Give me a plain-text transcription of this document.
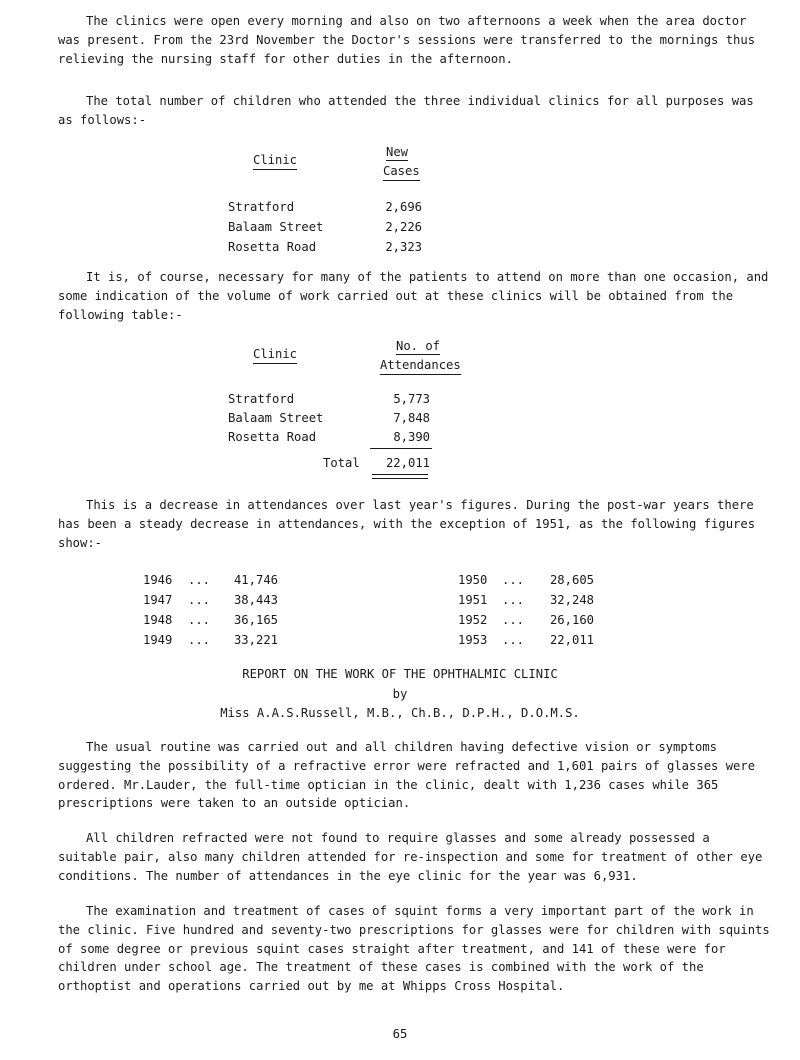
The clinics were open every morning and also on two afternoons a week when the area doctor was present. From the 23rd November the Doctor's sessions were transferred to the mornings thus relieving the nursing staff for other duties in the afternoon.
The total number of children who attended the three individual clinics for all purposes was as follows:-
Clinic
New
Cases
Stratford	2,696
Balaam Street	2,226
Rosetta Road	2,323
It is, of course, necessary for many of the patients to attend on more than one occasion, and some indication of the volume of work carried out at these clinics will be obtained from the following table:-
Clinic
No. of
Attendances
Stratford	5,773
Balaam Street	7,848
Rosetta Road	8,390
Total	22,011
This is a decrease in attendances over last year's figures. During the post-war years there has been a steady decrease in attendances, with the exception of 1951, as the following figures show:-
1946 ...	41,746
1947 ...	38,443
1948 ...	36,165
1949 ...	33,221
1950 ...	28,605
1951 ...	32,248
1952 ...	26,160
1953 ...	22,011
REPORT ON THE WORK OF THE OPHTHALMIC CLINIC
by
Miss A.A.S.Russell, M.B., Ch.B., D.P.H., D.O.M.S.
The usual routine was carried out and all children having defective vision or symptoms suggesting the possibility of a refractive error were refracted and 1,601 pairs of glasses were ordered. Mr.Lauder, the full-time optician in the clinic, dealt with 1,236 cases while 365 prescriptions were taken to an outside optician.
All children refracted were not found to require glasses and some already possessed a suitable pair, also many children attended for re-inspection and some for treatment of other eye conditions. The number of attendances in the eye clinic for the year was 6,931.
The examination and treatment of cases of squint forms a very important part of the work in the clinic. Five hundred and seventy-two prescriptions for glasses were for children with squints of some degree or previous squint cases straight after treatment, and 141 of these were for children under school age. The treatment of these cases is combined with the work of the orthoptist and operations carried out by me at Whipps Cross Hospital.
65
